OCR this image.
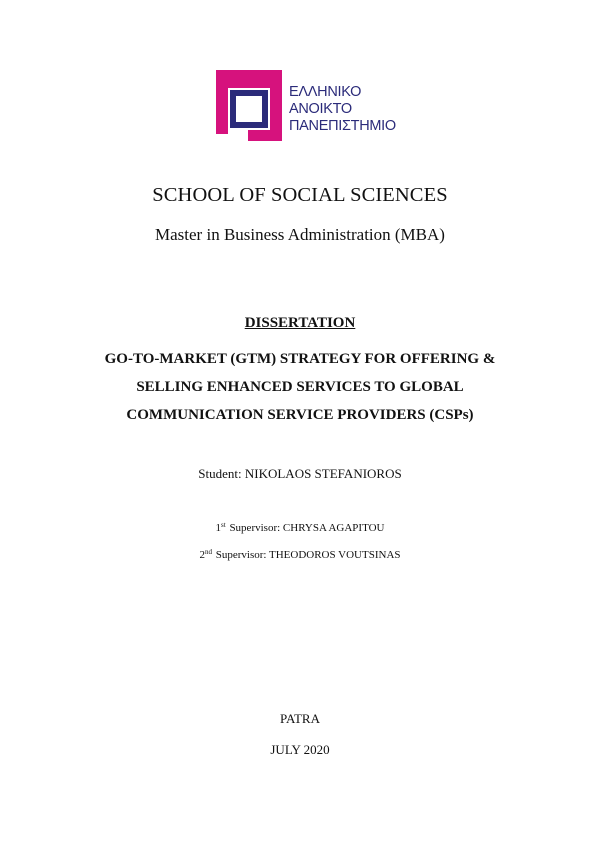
ΕΛΛΗΝΙΚΟ
ΑΝΟΙΚΤΟ
ΠΑΝΕΠΙΣΤΗΜΙΟ
SCHOOL OF SOCIAL SCIENCES
Master in Business Administration (MBA)
DISSERTATION
GO-TO-MARKET (GTM) STRATEGY FOR OFFERING &
SELLING ENHANCED SERVICES TO GLOBAL
COMMUNICATION SERVICE PROVIDERS (CSPs)
Student: NIKOLAOS STEFANIOROS
1st Supervisor: CHRYSA AGAPITOU
2nd Supervisor: THEODOROS VOUTSINAS
PATRA
JULY 2020
